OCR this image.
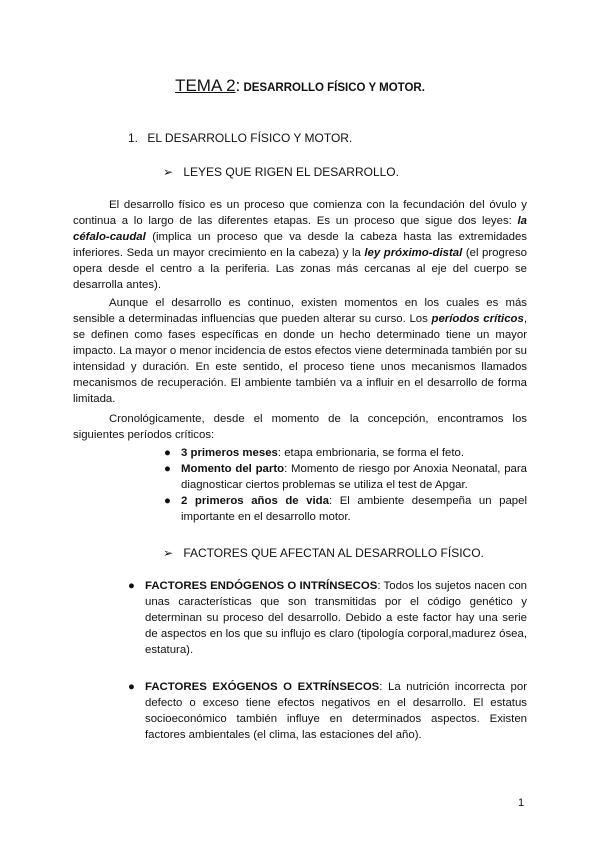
TEMA 2: DESARROLLO FÍSICO Y MOTOR.
1. EL DESARROLLO FÍSICO Y MOTOR.
➢ LEYES QUE RIGEN EL DESARROLLO.

El desarrollo físico es un proceso que comienza con la fecundación del óvulo y continua a lo largo de las diferentes etapas. Es un proceso que sigue dos leyes: la céfalo-caudal (implica un proceso que va desde la cabeza hasta las extremidades inferiores. Seda un mayor crecimiento en la cabeza) y la ley próximo-distal (el progreso opera desde el centro a la periferia. Las zonas más cercanas al eje del cuerpo se desarrolla antes).

Aunque el desarrollo es continuo, existen momentos en los cuales es más sensible a determinadas influencias que pueden alterar su curso. Los períodos críticos, se definen como fases específicas en donde un hecho determinado tiene un mayor impacto. La mayor o menor incidencia de estos efectos viene determinada también por su intensidad y duración. En este sentido, el proceso tiene unos mecanismos llamados mecanismos de recuperación. El ambiente también va a influir en el desarrollo de forma limitada.

Cronológicamente, desde el momento de la concepción, encontramos los siguientes períodos críticos:

● 3 primeros meses: etapa embrionaria, se forma el feto.
● Momento del parto: Momento de riesgo por Anoxia Neonatal, para diagnosticar ciertos problemas se utiliza el test de Apgar.
● 2 primeros años de vida: El ambiente desempeña un papel importante en el desarrollo motor.
➢ FACTORES QUE AFECTAN AL DESARROLLO FÍSICO.
● FACTORES ENDÓGENOS O INTRÍNSECOS: Todos los sujetos nacen con unas características que son transmitidas por el código genético y determinan su proceso del desarrollo. Debido a este factor hay una serie de aspectos en los que su influjo es claro (tipología corporal,madurez ósea, estatura).
● FACTORES EXÓGENOS O EXTRÍNSECOS: La nutrición incorrecta por defecto o exceso tiene efectos negativos en el desarrollo. El estatus socioeconómico también influye en determinados aspectos. Existen factores ambientales (el clima, las estaciones del año).
1
